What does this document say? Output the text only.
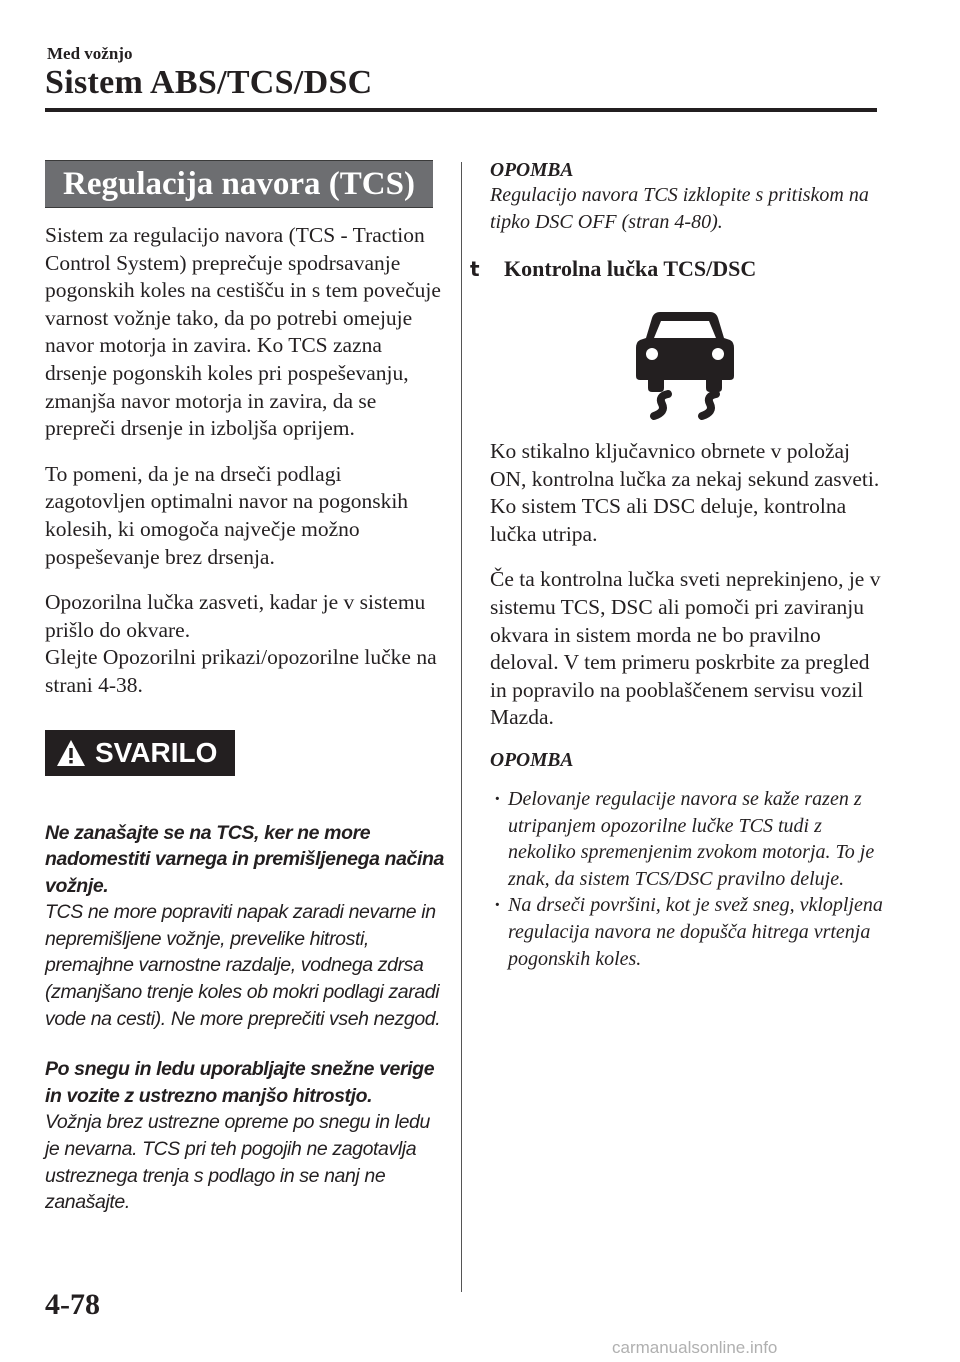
Med vožnjo
Sistem ABS/TCS/DSC
Regulacija navora (TCS)

Sistem za regulacijo navora (TCS - Traction Control System) preprečuje spodrsavanje pogonskih koles na cestišču in s tem povečuje varnost vožnje tako, da po potrebi omejuje navor motorja in zavira. Ko TCS zazna drsenje pogonskih koles pri pospeševanju, zmanjša navor motorja in zavira, da se prepreči drsenje in izboljša oprijem.

To pomeni, da je na drseči podlagi zagotovljen optimalni navor na pogonskih kolesih, ki omogoča največje možno pospeševanje brez drsenja.

Opozorilna lučka zasveti, kadar je v sistemu prišlo do okvare.

Glejte Opozorilni prikazi/opozorilne lučke na strani 4-38.

SVARILO

Ne zanašajte se na TCS, ker ne more nadomestiti varnega in premišljenega načina vožnje.
TCS ne more popraviti napak zaradi nevarne in nepremišljene vožnje, prevelike hitrosti, premajhne varnostne razdalje, vodnega zdrsa (zmanjšano trenje koles ob mokri podlagi zaradi vode na cesti). Ne more preprečiti vseh nezgod.

Po snegu in ledu uporabljajte snežne verige in vozite z ustrezno manjšo hitrostjo.
Vožnja brez ustrezne opreme po snegu in ledu je nevarna. TCS pri teh pogojih ne zagotavlja ustreznega trenja s podlago in se nanj ne zanašajte.

OPOMBA

Regulacijo navora TCS izklopite s pritiskom na tipko DSC OFF (stran 4-80).

t	Kontrolna lučka TCS/DSC

Ko stikalno ključavnico obrnete v položaj ON, kontrolna lučka za nekaj sekund zasveti. Ko sistem TCS ali DSC deluje, kontrolna lučka utripa.

Če ta kontrolna lučka sveti neprekinjeno, je v sistemu TCS, DSC ali pomoči pri zaviranju okvara in sistem morda ne bo pravilno deloval. V tem primeru poskrbite za pregled in popravilo na pooblaščenem servisu vozil Mazda.

OPOMBA

· Delovanje regulacije navora se kaže razen z utripanjem opozorilne lučke TCS tudi z nekoliko spremenjenim zvokom motorja. To je znak, da sistem TCS/DSC pravilno deluje.
· Na drseči površini, kot je svež sneg, vklopljena regulacija navora ne dopušča hitrega vrtenja pogonskih koles.
4-78
carmanualsonline.info
